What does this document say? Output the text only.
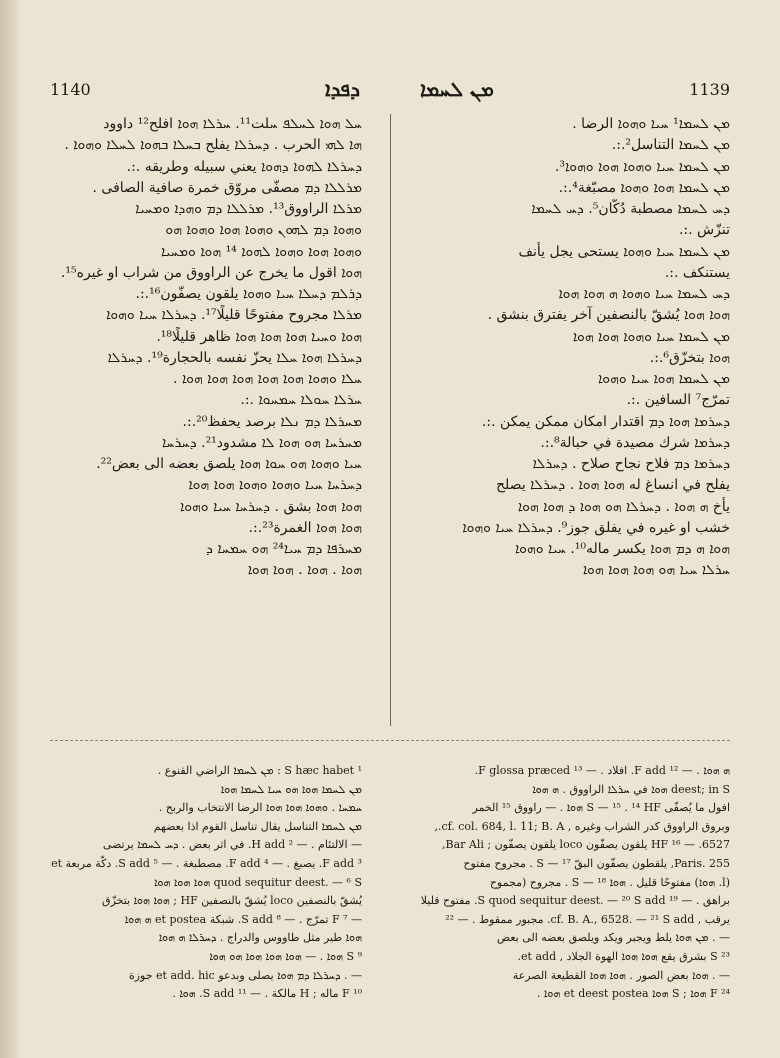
1140	ܕܦܕܐ	ܡܢ ܠܚܡܐ	1139
ܚܠ ܗܘܐ ܠܚܠܦ ܚلت¹¹. ܚܪܠܐ ܗܘܐ افلح¹² داوود
ܗܐ ܠܗܝ الحرب . ܕܚܪܠܐ يفلح ܒܚܠܐ ܒܗܘܐ ܠܚܠܐ ܘܗܘܐ .
ܕܚܪܠܐ ܠܗܘܐ ܕܗܘܐ يعني سبيله وطريقه .:.
ܡܪܠܠܐ ܕܡ مصفّى مروّق خمرة صافية الصافى .
ܡܪܠܐ الراووق¹³. ܡܪܠܠܐ ܕܡ ܘܗܕܐ ܘܡܚܝܐ
ܘܗܘܐ ܕܡ ܠܗܘܢ ܘܗܘܐ ܗܘܐ ܘܗܘܐ ܗܘ
ܘܗܘܐ ܗܘܐ ܘܗܘܐ ܠܗܘܐ ¹⁴ ܗܘܐ ܘܡܚܝܐ
ܗܘܐ اقول ما يخرج عن الراووق من شراب او غيره¹⁵.
ܕܪܠܡ ܕܚܠܐ ܚܝܐ ܘܗܘܐ يلقون يصفّون¹⁶.:.
ܡܪܠܐ مجروح مفتوحًا قليلًا¹⁷. ܕܚܪܠܐ ܚܝܐ ܘܗܘܐ
ܗܘܐ ܘܚܝܐ ܗܘܐ ܗܘܐ ܗܘܐ ظاهر قليلًا¹⁸.
ܕܚܪܠܐ ܗܘܐ ܚܠܐ يحزّ نفسه بالحجارة¹⁹. ܕܚܪܠܐ
ܚܠܐ ܘܗܘܐ ܗܘܐ ܗܘܐ ܗܘܐ ܗܘܐ ܗܘܐ .
ܚܪܠܐ ܚܘܠܐ ܚܡܚܘܐ .:.
ܡܚܪܠܐ ܕܡ ܢܠܐ برصد يحفظ²⁰.:.
ܡܚܪܚܐ ܗܘ ܗܘܐ ܠܐ مشدود²¹. ܕܚܪܚܐ
ܚܝܐ ܘܗܘܐ ܗܘ ܚܘܐ ܗܘܐ يلصق بعضه الى بعض²².
ܕܚܪܚܐ ܚܝܐ ܘܗܘܐ ܘܗܘܐ ܗܘܐ ܗܘܐ
ܗܘܐ ܗܘܐ بشق . ܕܚܪܚܐ ܚܝܐ ܘܗܘܐ
ܗܘܐ ܗܘܐ الغمرة²³.:.
ܡܚܪܦܐ ܕܡ ܚܝܐ²⁴ ܗܘ ܚܡܚܐ ܕ
ܗܘܐ . ܗܘܐ . ܗܘܐ ܗܘܐ
ܡܢ ܠܚܡܐ¹ ܚܝܐ ܘܗܘܐ الرضا .
ܡܢ ܠܚܡܐ التناسل².:.
ܡܢ ܠܚܡܐ ܚܝܐ ܘܗܘܐ ܗܘܐ ܘܗܘܐ³.
ܡܢ ܠܚܡܐ ܗܘܐ ܘܗܘܐ مصبّغة⁴.:.
ܕܚ ܠܚܡܐ مصطبة دُكّان⁵. ܕܚ ܠܚܡܐ
تنزّش .:.
ܡܢ ܠܚܡܐ ܚܝܐ ܘܗܘܐ يستحى يجل يأنف
يستنكف .:.
ܕܚ ܠܚܡܐ ܚܝܐ ܘܗܘܐ ܗ ܗܘܐ ܗܘܐ
ܗܘܐ ܗܘܐ يُشقّ بالنصفين آخر يفترق بنشق .
ܡܢ ܠܚܡܐ ܚܝܐ ܘܗܘܐ ܗܘܐ ܗܘܐ
ܗܘܐ بتخزّق⁶.:.
ܡܢ ܠܚܡܐ ܗܘܐ ܚܝܐ ܘܗܘܐ
تمرّج⁷ السافين .:.
ܕܚܪܡܐ ܗܘܐ ܕܡ اقتدار امكان ممكن يمكن .:.
ܕܚܪܡܐ شرك مصيدة في حبالة⁸.:.
ܕܚܪܡܐ ܕܡ فلاح نجاح صلاح . ܕܚܪܠܐ
يفلح في انساغ له ܗܘܐ ܗܘܐ . ܕܚܪܠܐ يصلح
يأخ ܗ ܗܘܐ . ܕܚܪܠܐ ܗܘ ܗܘܐ ܕ ܗܘܐ ܗܘܐ
خشب او غيره في يفلق جوز⁹. ܕܚܪܠܐ ܚܝܐ ܘܗܘܐ
ܗܘܐ ܗ ܕܡ ܗܘܐ يكسر ماله¹⁰. ܚܝܐ ܘܗܘܐ
ܚܪܠܐ ܚܝܐ ܗܘ ܗܘܐ ܗܘܐ ܗܘܐ
¹ S hæc habet : ܡܢ ܠܚܡܐ الراضي القنوع .
ܡܢ ܠܚܡܐ ܗܘܐ ܗܘ ܚܝܐ ܠܚܡܐ ܗܘܐ
ܚܡܚܐ . ܘܗܘܐ ܗܘܐ ܗܘܐ الرضا الانتخاب والربح .
ܡܢ ܠܚܡܐ التناسل يقال تناسل القوم اذا بعضهم
— الالتئام . — ² H add. في اثر بعض . ܕܚ ܠܚܡܐ يرتضى
³ F add. يصبغ . — ⁴ F add. مصطبغة . — ⁵ S add. دكّة مربعة et
quod sequitur deest. — ⁶ S ܗܘܐ ܗܘܐ ܗܘܐ
يُشقّ بالنصفين loco يُشقّ بالنصفين HF ; ܗܘܐ ܗܘܐ بتخزّق
— ⁷ F تمرّج . — ⁸ S add. شبكة et postea ܗ ܗܘܐ
ܗܘܐ طير مثل طاووس والدراج . ܕܚܪܠܐ ܗ ܗܘܐ
⁹ S ܗܘܐ . — ܗܘܐ ܗܘܐ ܗܘܐ ܗܘ ܗܘܐ
— . ܕܚܪܠܐ ܕܡ ܗܘܐ يصلى وبدعو et add. hic جوزة
¹⁰ F ماله ; H مالكة . — ¹¹ S add. ܗܘܐ .
ܗ ܗܘܐ . — ¹² F add. افلاد . — ¹³ F glossa præced.
deest; in S ܗܘܐ في ܚܪܠܐ الراووق . ܗ ܗܘܐ
افول ما يُصفّى S — ¹⁵ . ¹⁴ HF ܗܘܐ . — راووق ¹⁵ الخمر
وبروق الراووق كدر الشراب وغيره , cf. col. 684, l. 11; B. A.,
6527. — ¹⁶ HF يلقون يصفّون loco يلقون يصفّون ; Bar Ali,
Paris. 255, يلقطون يصفّون البقّ S — ¹⁷ . مجروح مفتوح
(l. ܗܘܐ) مفتوحًا قليل . ܗܘܐ S — ¹⁸ . مجروح (مجموح
براهق . — ¹⁹ S quod sequitur deest. — ²⁰ S add. مفتوح قليلا
يرقب , cf. B. A., 6528. — ²¹ S add. مجبور ممقوط . — ²²
— . ܡܢ ܗܘܐ يلط ويجبر ويكد ويلصق بعضه الى بعض
²³ S بشرق يقع ܗܘܐ ܗܘܐ الهوة الجلاد , et add.
— . ܗܘܐ بعض الصور . ܗܘܐ ܗܘܐ القطيعة الصرعة
²⁴ F ܗܘܐ ; S ܗܘܐ et deest postea ܗܘܐ .
